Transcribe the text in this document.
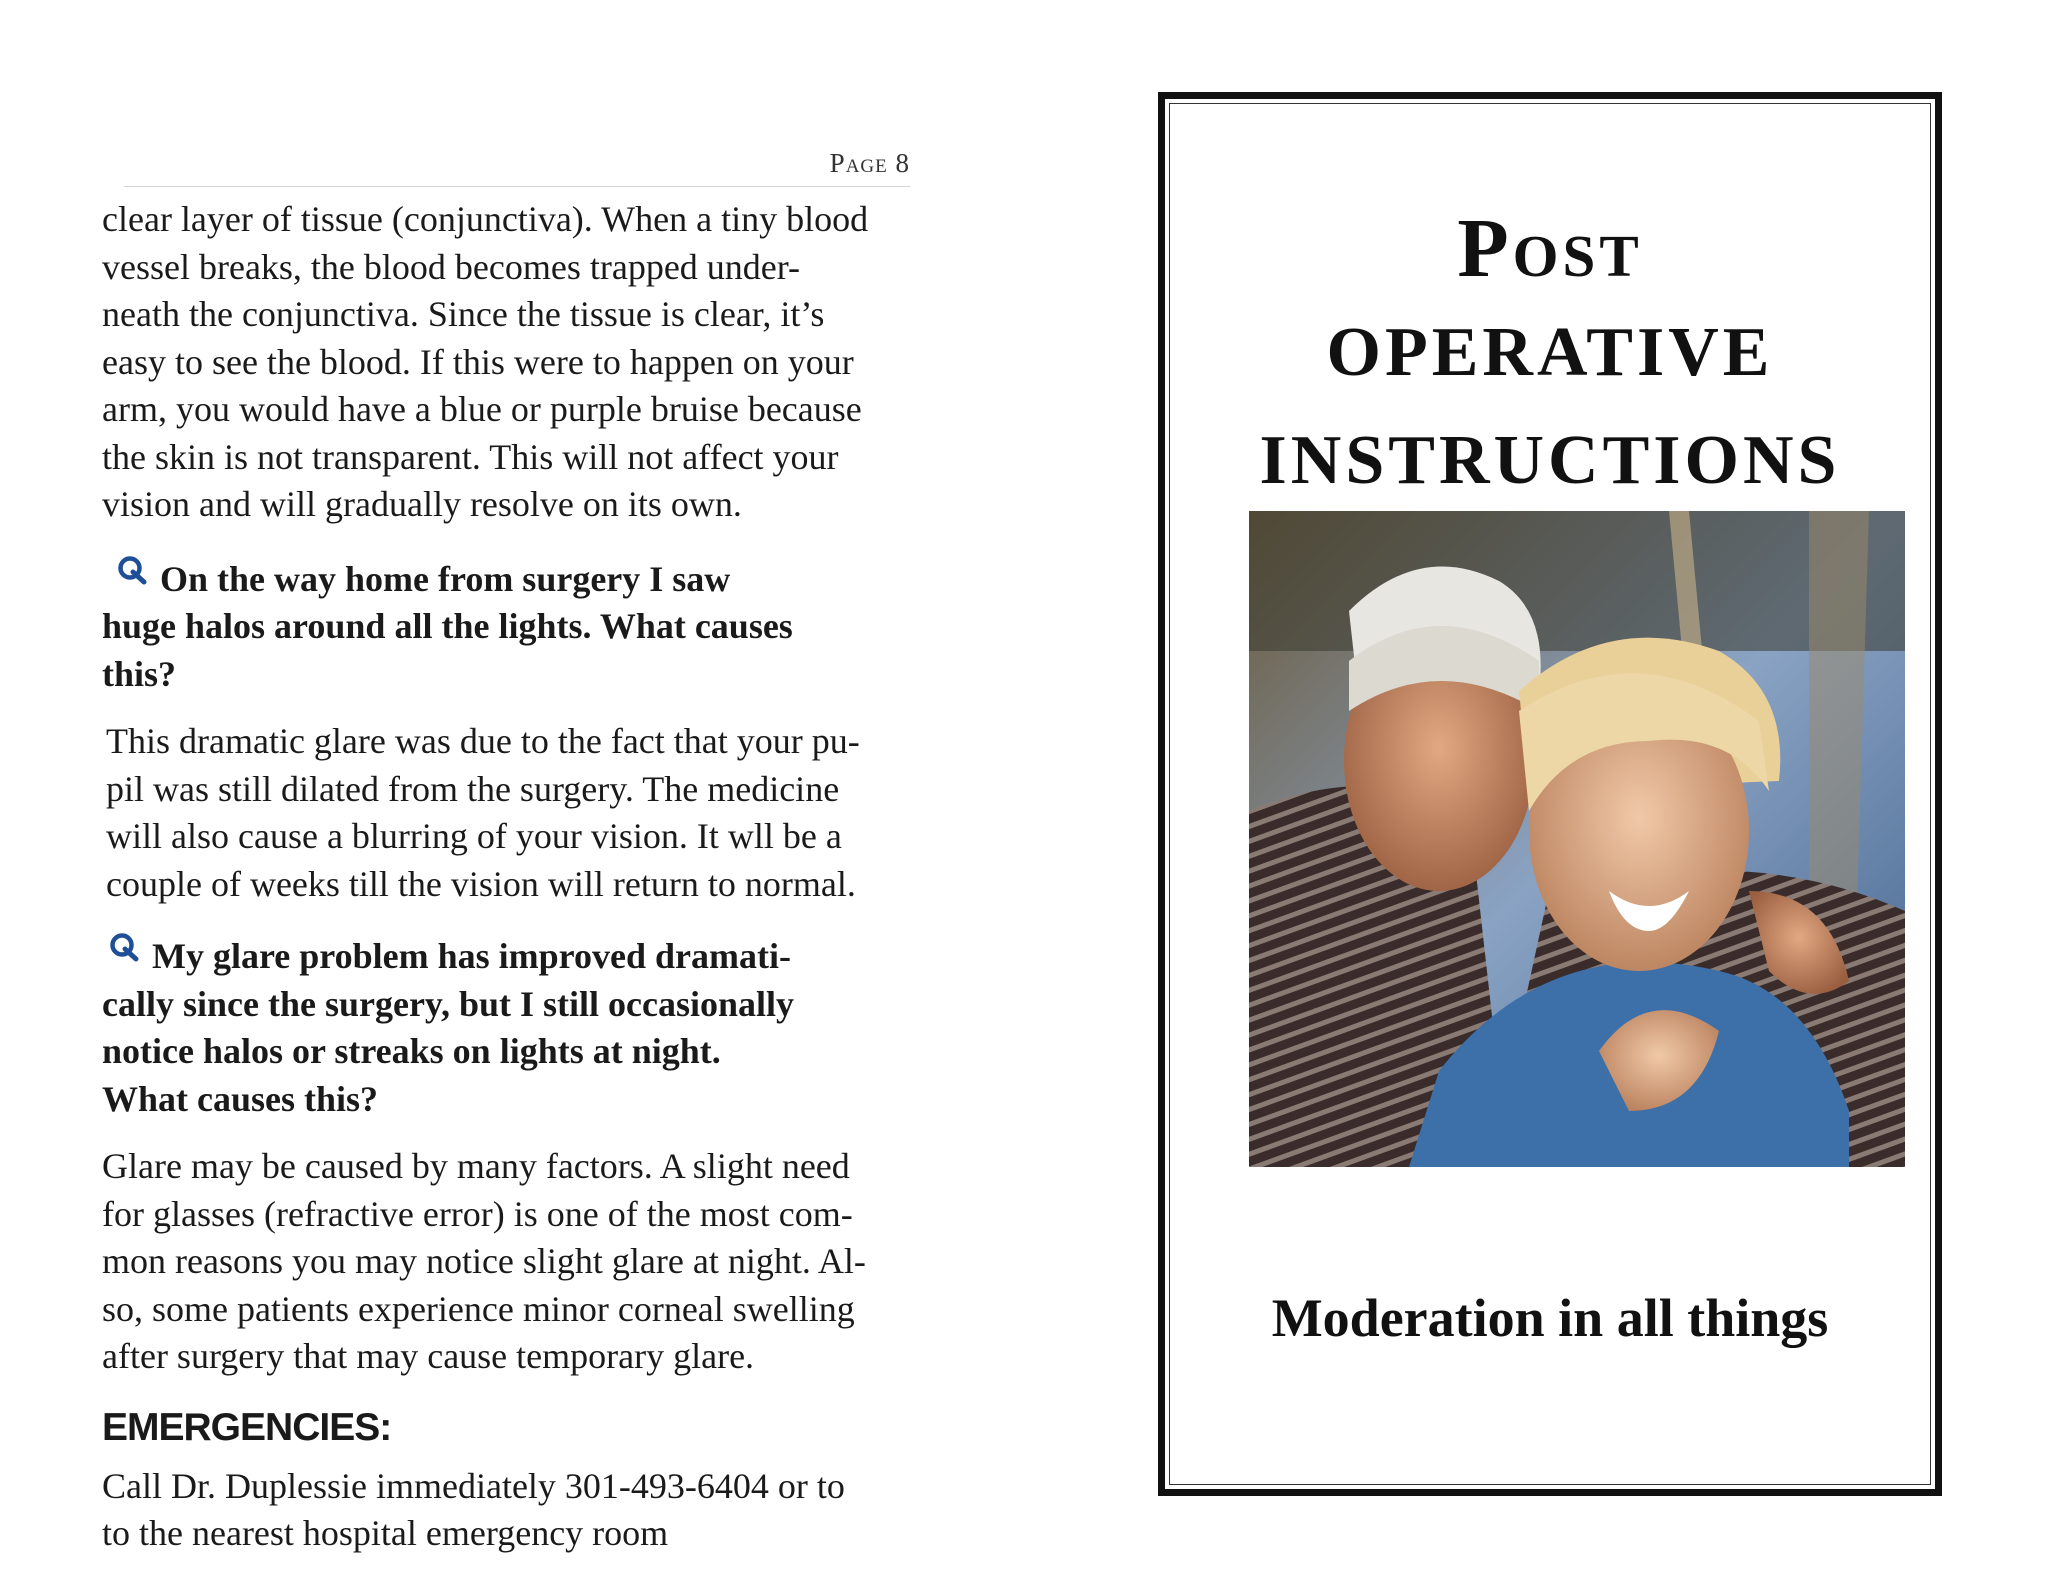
Page 8

clear layer of tissue (conjunctiva). When a tiny blood
vessel breaks, the blood becomes trapped under-
neath the conjunctiva. Since the tissue is clear, it’s
easy to see the blood. If this were to happen on your
arm, you would have a blue or purple bruise because
the skin is not transparent. This will not affect your
vision and will gradually resolve on its own.

On the way home from surgery I saw
huge halos around all the lights. What causes
this?

This dramatic glare was due to the fact that your pu-
pil was still dilated from the surgery. The medicine
will also cause a blurring of your vision. It wll be a
couple of weeks till the vision will return to normal.

My glare problem has improved dramati-
cally since the surgery, but I still occasionally
notice halos or streaks on lights at night.
What causes this?

Glare may be caused by many factors. A slight need
for glasses (refractive error) is one of the most com-
mon reasons you may notice slight glare at night. Al-
so, some patients experience minor corneal swelling
after surgery that may cause temporary glare.

EMERGENCIES:

Call Dr. Duplessie immediately 301-493-6404 or to
to the nearest hospital emergency room

Post
OPERATIVE
INSTRUCTIONS
Moderation in all things
